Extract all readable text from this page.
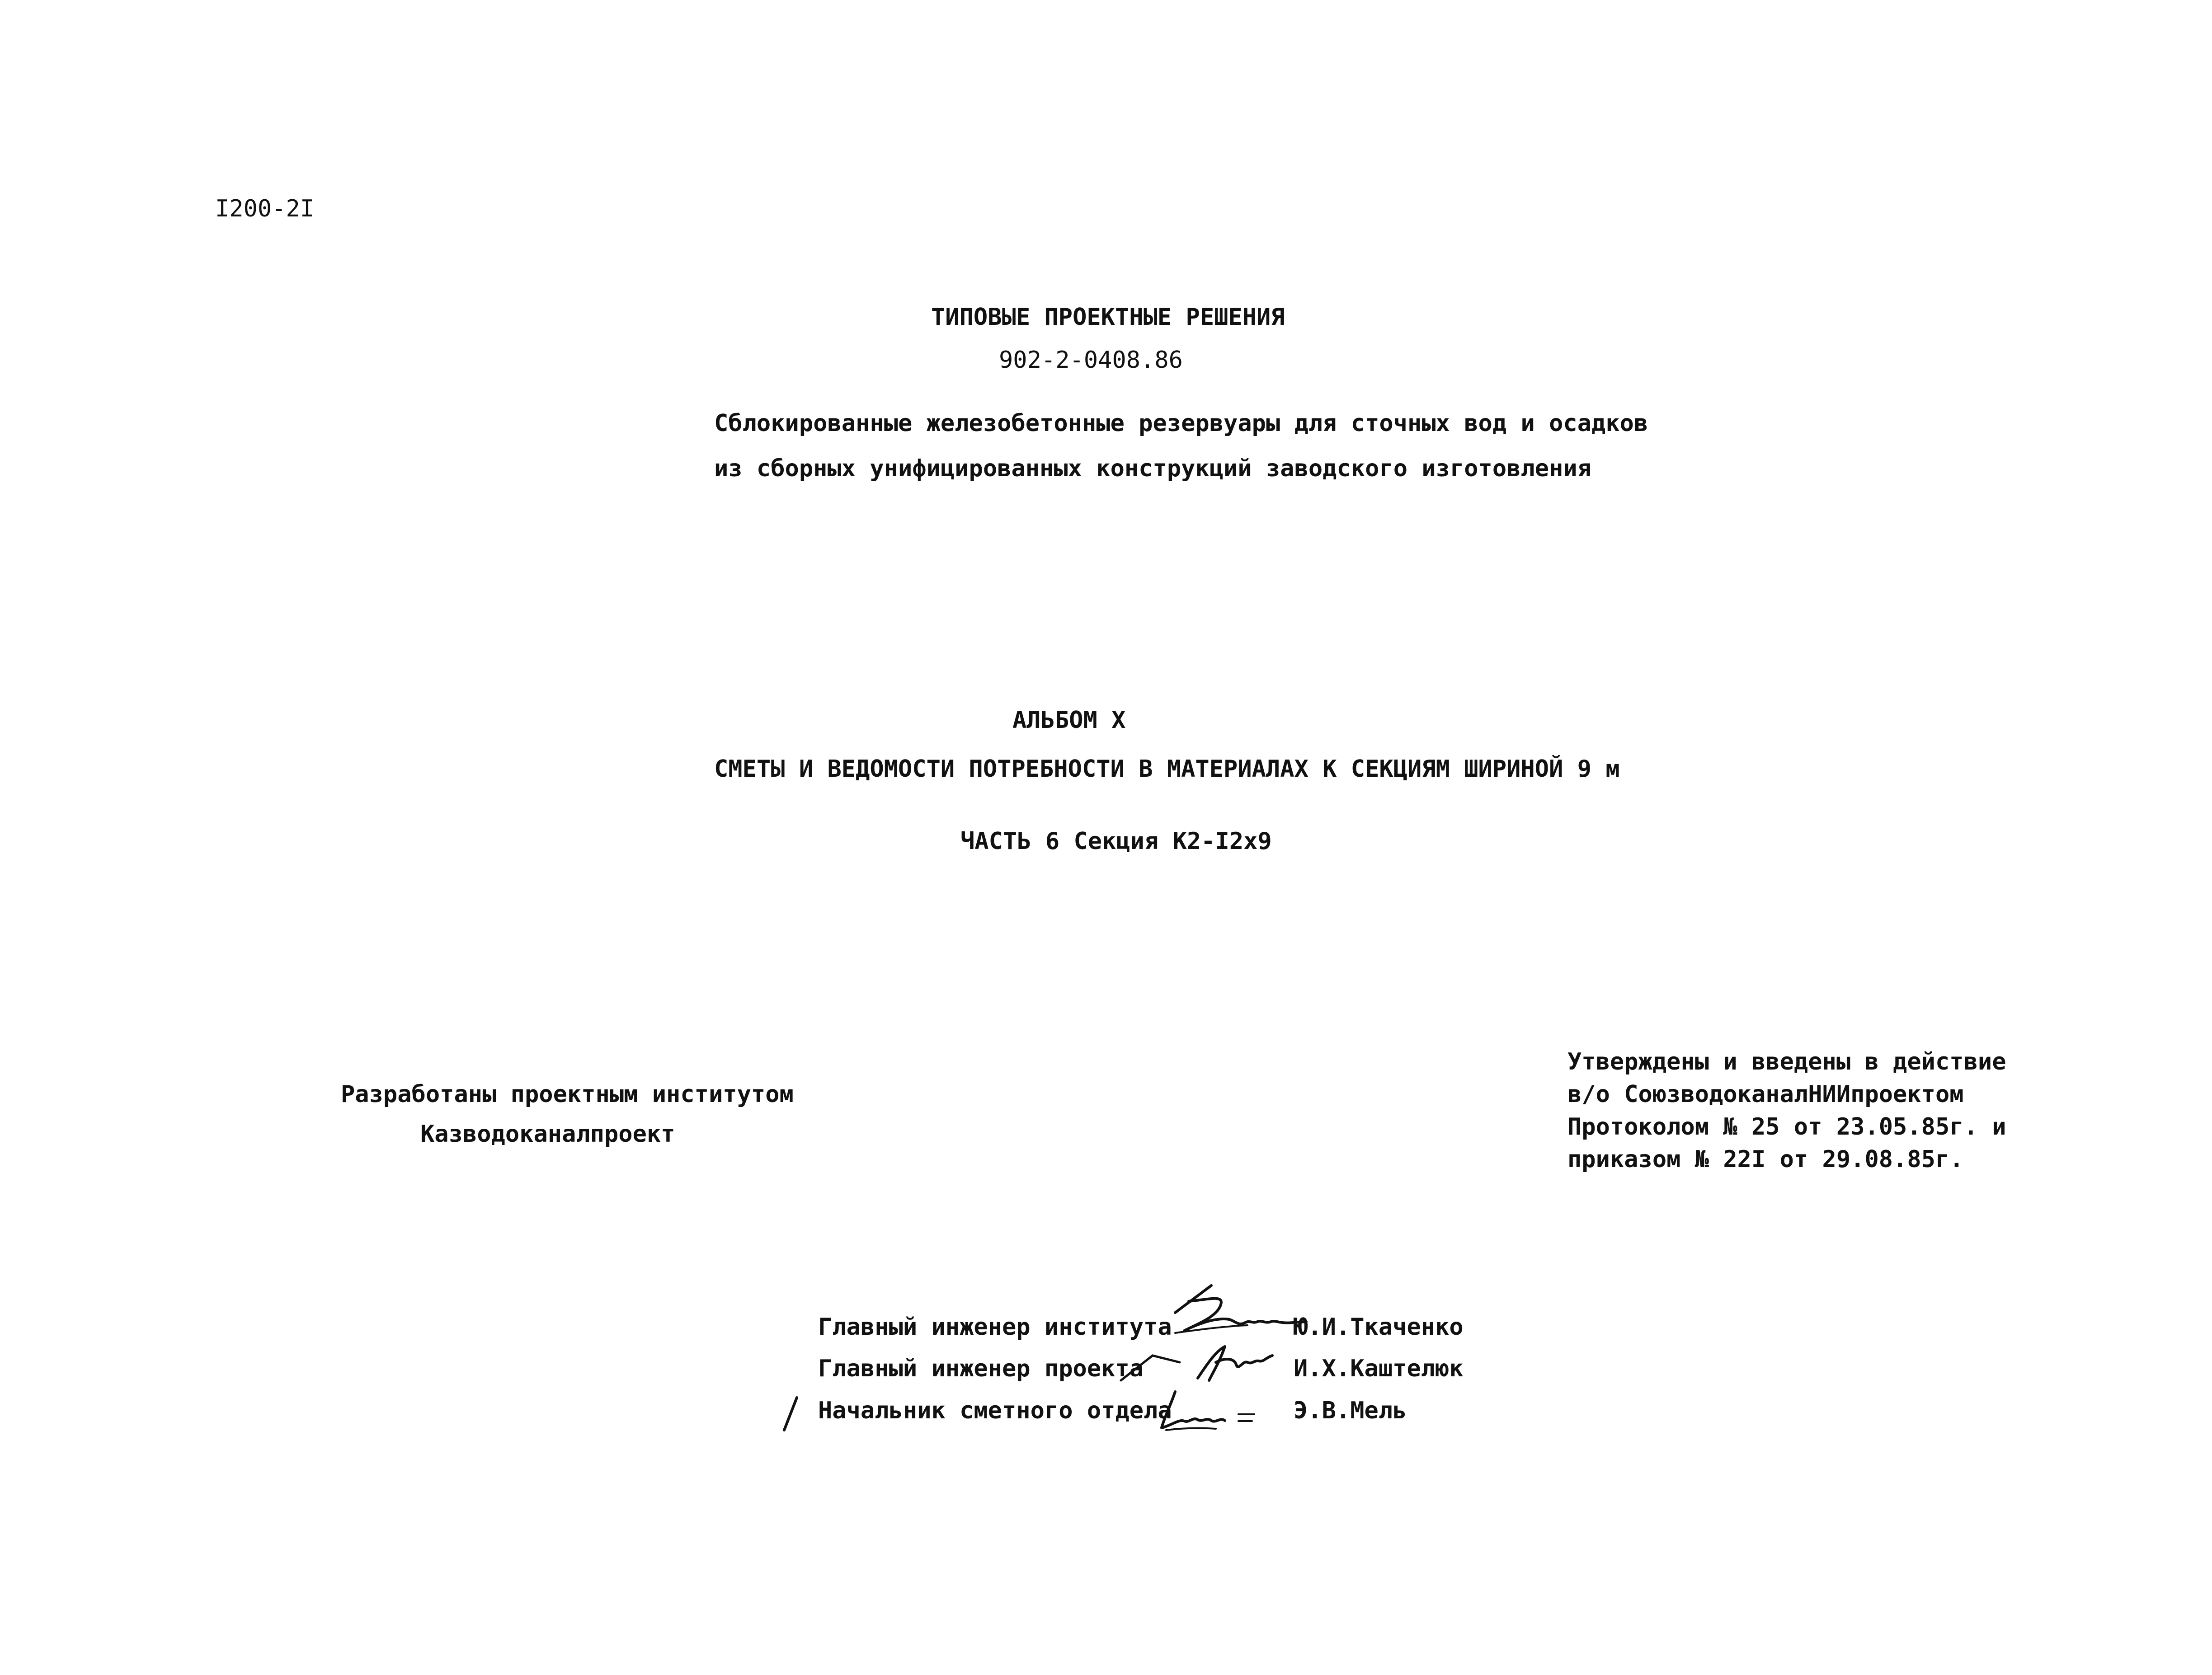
I200-2I
ТИПОВЫЕ ПРОЕКТНЫЕ РЕШЕНИЯ
902-2-0408.86
Сблокированные железобетонные резервуары для сточных вод и осадков
из сборных унифицированных конструкций заводского изготовления
АЛЬБОМ X
СМЕТЫ И ВЕДОМОСТИ ПОТРЕБНОСТИ В МАТЕРИАЛАХ К СЕКЦИЯМ ШИРИНОЙ 9 м
ЧАСТЬ 6 Секция К2-I2х9
Разработаны проектным институтом
Казводоканалпроект
Утверждены и введены в действие
в/о СоюзводоканалНИИпроектом
Протоколом № 25 от 23.05.85г. и
приказом № 22I от 29.08.85г.
Главный инженер института	Ю.И.Ткаченко
Главный инженер проекта	И.Х.Каштелюк
Начальник сметного отдела	Э.В.Мель
